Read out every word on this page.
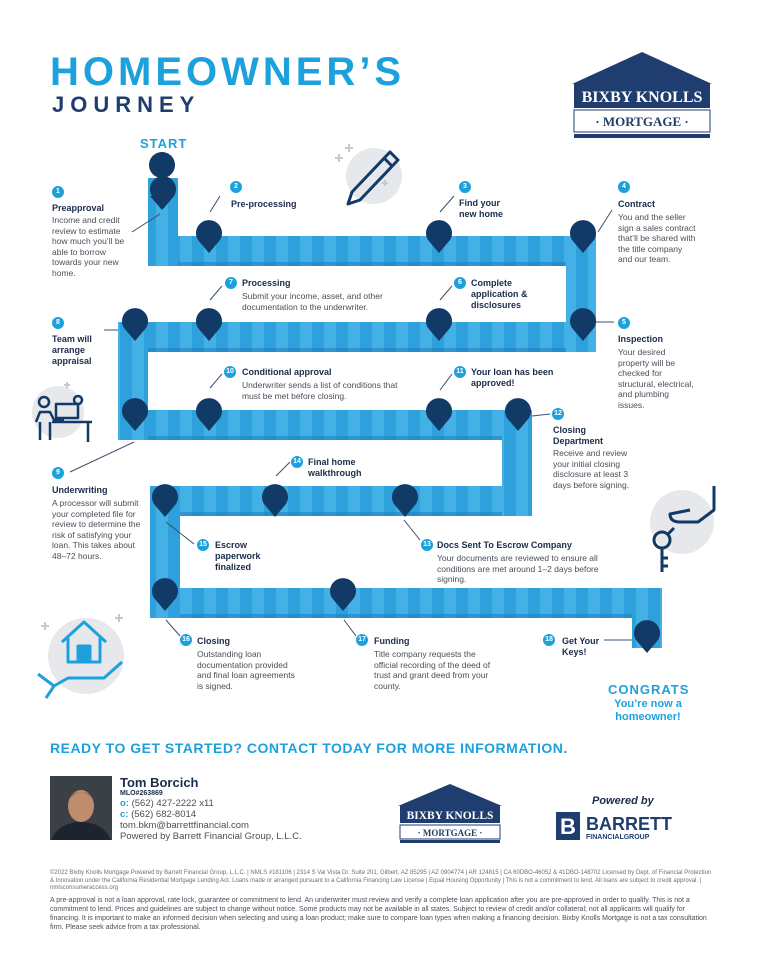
HOMEOWNER’S
JOURNEY	BIXBY KNOLLS
· MORTGAGE ·
START
1
Preapproval
Income and credit review to estimate how much you’ll be able to borrow towards your new home.
2
Pre-processing
3
Find your new home
4
Contract
You and the seller sign a sales contract that’ll be shared with the title company and our team.
5
Inspection
Your desired property will be checked for structural, electrical, and plumbing issues.
6	Complete application & disclosures
7	Processing
Submit your income, asset, and other documentation to the underwriter.
8
Team will arrange appraisal
9
Underwriting
A processor will submit your completed file for review to determine the risk of satisfying your loan. This takes about 48–72 hours.
10 Conditional approval
Underwriter sends a list of conditions that must be met before closing.
11 Your loan has been approved!
12
Closing Department
Receive and review your initial closing disclosure at least 3 days before signing.
13 Docs Sent To Escrow Company
Your documents are reviewed to ensure all conditions are met around 1–2 days before signing.
14 Final home walkthrough
15 Escrow paperwork finalized
16 Closing
Outstanding loan documentation provided and final loan agreements is signed.
17 Funding
Title company requests the official recording of the deed of trust and grant deed from your county.
18 Get Your Keys!
CONGRATS
You’re now a homeowner!
READY TO GET STARTED? CONTACT TODAY FOR MORE INFORMATION.
Tom Borcich
MLO#263869
o: (562) 427-2222 x11
c: (562) 682-8014
tom.bkm@barrettfinancial.com
Powered by Barrett Financial Group, L.L.C.
BIXBY KNOLLS
· MORTGAGE ·
Powered by
B BARRETT
FINANCIALGROUP
©2022 Bixby Knolls Mortgage Powered by Barrett Financial Group, L.L.C. | NMLS #181106 | 2314 S Val Vista Dr. Suite 201, Gilbert, AZ 85295 | AZ 0904774 | AR 124815 | CA 60DBO-46052 & 41DBO-148702 Licensed by Dept. of Financial Protection & Innovation under the California Residential Mortgage Lending Act. Loans made or arranged pursuant to a California Financing Law License | Equal Housing Opportunity | This is not a commitment to lend. All loans are subject to credit approval. | nmlsconsumeraccess.org
A pre-approval is not a loan approval, rate lock, guarantee or commitment to lend. An underwriter must review and verify a complete loan application after you are pre-approved in order to qualify. This is not a commitment to lend. Prices and guidelines are subject to change without notice. Some products may not be available in all states. Subject to review of credit and/or collateral; not all applicants will qualify for financing. It is important to make an informed decision when selecting and using a loan product; make sure to compare loan types when making a financing decision. Bixby Knolls Mortgage is not a tax consultation firm. Please seek advice from a tax professional.
